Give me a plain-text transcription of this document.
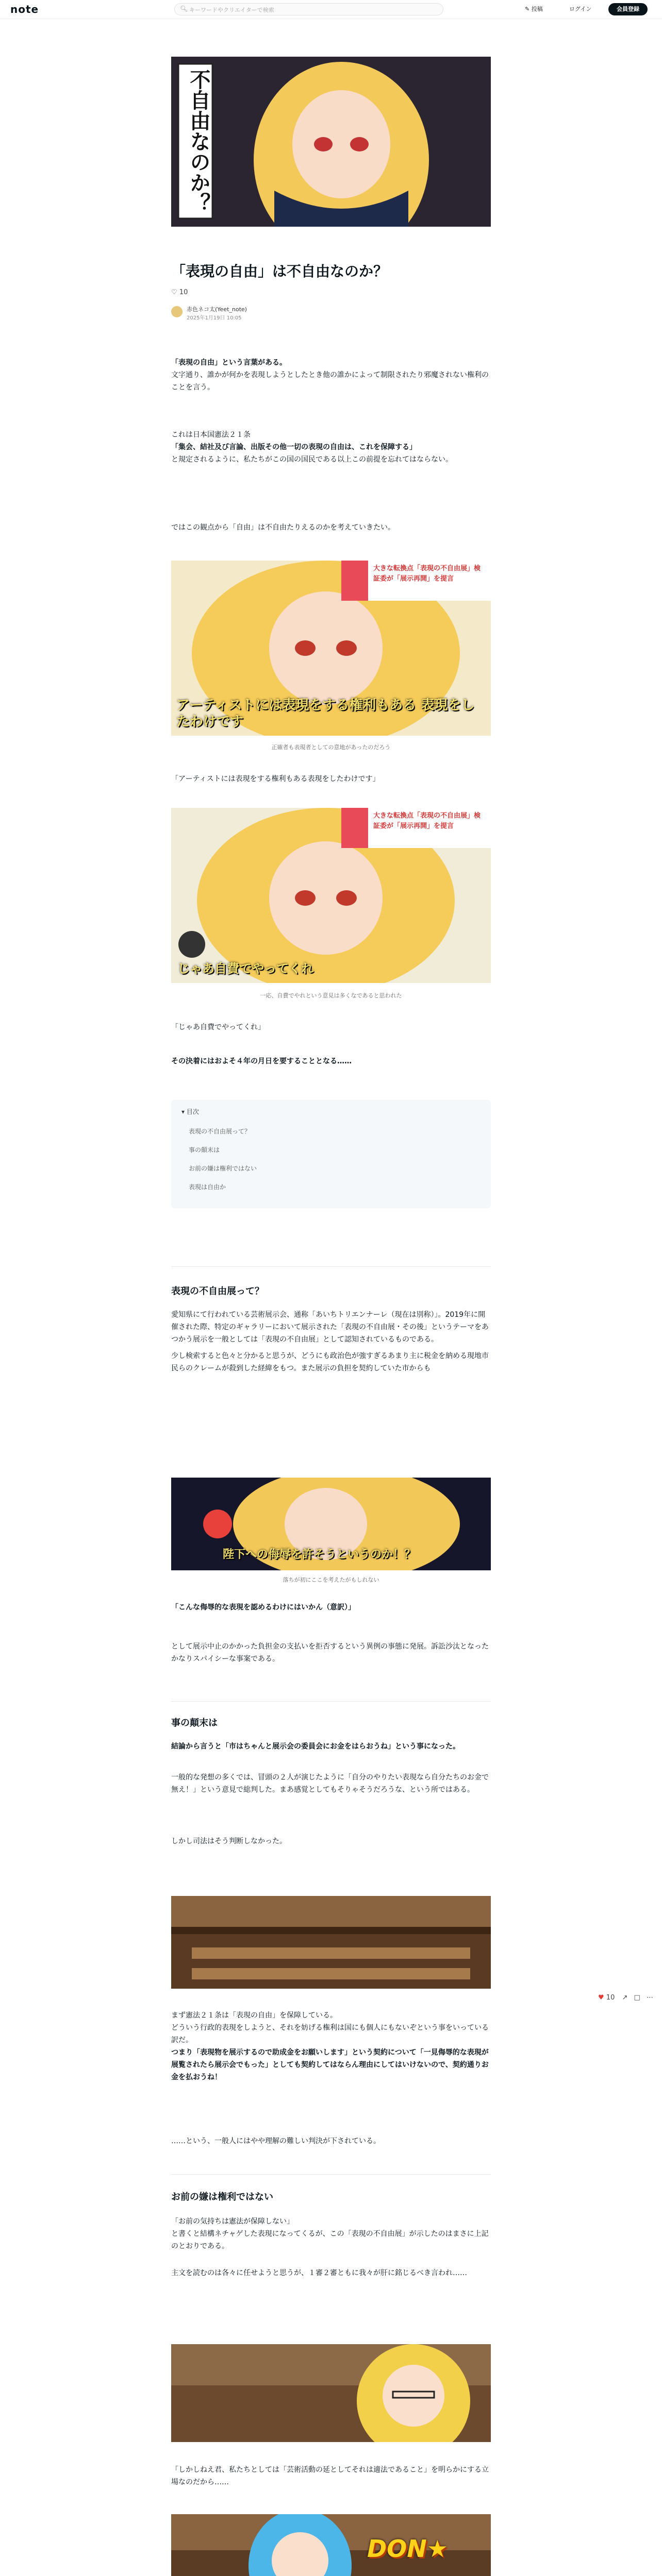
note	🔍︎ キーワードやクリエイターで検索	✎ 投稿	ログイン	会員登録
不自由なのか？
「表現の自由」は不自由なのか？
♡ 10
赤色ネコ太(Yeet_note)
2025年1月19日 10:05

「表現の自由」という言葉がある。

文字通り、誰かが何かを表現しようとしたとき他の誰かによって制限されたり邪魔されない権利のことを言う。

これは日本国憲法２１条

「集会、結社及び言論、出版その他一切の表現の自由は、これを保障する」

と規定されるように、私たちがこの国の国民である以上この前提を忘れてはならない。

ではこの観点から「自由」は不自由たりえるのかを考えていきたい。

大きな転換点「表現の不自由展」検証委が「展示再開」を提言
アーティストには表現をする権利もある 表現をしたわけです
正確者も表現者としての意地があったのだろう

「アーティストには表現をする権利もある表現をしたわけです」

大きな転換点「表現の不自由展」検証委が「展示再開」を提言
じゃあ自費でやってくれ
一応、自費でやれという意見は多くなであると思われた

「じゃあ自費でやってくれ」

その決着にはおよそ４年の月日を要することとなる……

▾ 目次
表現の不自由展って？
事の顛末は
お前の嫌は権利ではない
表現は自由か
表現の不自由展って？

愛知県にて行われている芸術展示会、通称「あいちトリエンナーレ（現在は別称）」。2019年に開催された際、特定のギャラリーにおいて展示された「表現の不自由展・その後」というテーマをあつかう展示を一般としては「表現の不自由展」として認知されているものである。

少し検索すると色々と分かると思うが、どうにも政治色が強すぎるあまり主に税金を納める現地市民らのクレームが殺到した経緯をもつ。また展示の負担を契約していた市からも

陛下への侮辱を許そうというのか！？
落ちが初にここを考えたがもしれない

「こんな侮辱的な表現を認めるわけにはいかん（意訳）」

として展示中止のかかった負担金の支払いを拒否するという異例の事態に発展。訴訟沙汰となったかなりスパイシーな事案である。

事の顛末は

結論から言うと「市はちゃんと展示会の委員会にお金をはらおうね」という事になった。

一般的な発想の多くでは、冒頭の２人が演じたように「自分のやりたい表現なら自分たちのお金で無え！」という意見で総判した。まあ感覚としてもそりゃそうだろうな、という所ではある。

しかし司法はそう判断しなかった。

まず憲法２１条は「表現の自由」を保障している。

どういう行政的表現をしようと、それを妨げる権利は国にも個人にもないぞという事をいっている訳だ。

つまり「表現物を展示するので助成金をお願いします」という契約について「一見侮辱的な表現が展覧されたら展示会でもった」としても契約してはならん理由にしてはいけないので、契約通りお金を払おうね！

……という、一般人にはやや理解の難しい判決が下されている。

お前の嫌は権利ではない

「お前の気持ちは憲法が保障しない」

と書くと結構ネチャゲした表現になってくるが、この「表現の不自由展」が示したのはまさに上記のとおりである。

主文を読むのは各々に任せようと思うが、１審２審ともに我々が肝に銘じるべき言われ……

「しかしねえ君、私たちとしては「芸術活動の延としてそれは適法であること」を明らかにする立場なのだから……

DON★

♥ 10 ↗ □ ⋯
